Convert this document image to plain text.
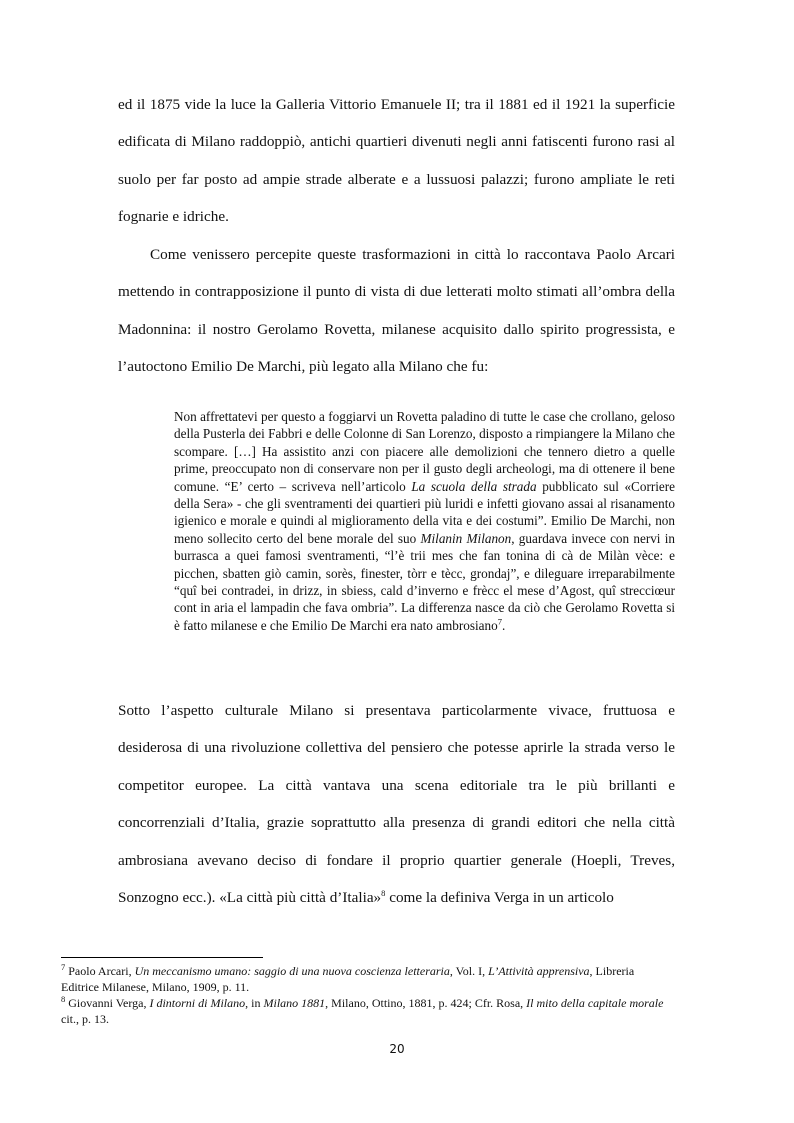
ed il 1875 vide la luce la Galleria Vittorio Emanuele II; tra il 1881 ed il 1921 la superficie edificata di Milano raddoppiò, antichi quartieri divenuti negli anni fatiscenti furono rasi al suolo per far posto ad ampie strade alberate e a lussuosi palazzi; furono ampliate le reti fognarie e idriche.

Come venissero percepite queste trasformazioni in città lo raccontava Paolo Arcari mettendo in contrapposizione il punto di vista di due letterati molto stimati all’ombra della Madonnina: il nostro Gerolamo Rovetta, milanese acquisito dallo spirito progressista, e l’autoctono Emilio De Marchi, più legato alla Milano che fu:

Non affrettatevi per questo a foggiarvi un Rovetta paladino di tutte le case che crollano, geloso della Pusterla dei Fabbri e delle Colonne di San Lorenzo, disposto a rimpiangere la Milano che scompare. […] Ha assistito anzi con piacere alle demolizioni che tennero dietro a quelle prime, preoccupato non di conservare non per il gusto degli archeologi, ma di ottenere il bene comune. “E’ certo – scriveva nell’articolo La scuola della strada pubblicato sul «Corriere della Sera» - che gli sventramenti dei quartieri più luridi e infetti giovano assai al risanamento igienico e morale e quindi al miglioramento della vita e dei costumi”. Emilio De Marchi, non meno sollecito certo del bene morale del suo Milanin Milanon, guardava invece con nervi in burrasca a quei famosi sventramenti, “l’è trii mes che fan tonina di cà de Milàn vèce: e picchen, sbatten giò camin, sorès, finester, tòrr e tècc, grondaj”, e dileguare irreparabilmente “quî bei contradei, in drizz, in sbiess, cald d’inverno e frècc el mese d’Agost, quî strecciœur cont in aria el lampadin che fava ombria”. La differenza nasce da ciò che Gerolamo Rovetta si è fatto milanese e che Emilio De Marchi era nato ambrosiano$^7$.

Sotto l’aspetto culturale Milano si presentava particolarmente vivace, fruttuosa e desiderosa di una rivoluzione collettiva del pensiero che potesse aprirle la strada verso le competitor europee. La città vantava una scena editoriale tra le più brillanti e concorrenziali d’Italia, grazie soprattutto alla presenza di grandi editori che nella città ambrosiana avevano deciso di fondare il proprio quartier generale (Hoepli, Treves, Sonzogno ecc.). «La città più città d’Italia»$^8$ come la definiva Verga in un articolo

$^7$ Paolo Arcari, Un meccanismo umano: saggio di una nuova coscienza letteraria, Vol. I, L’Attività apprensiva, Libreria Editrice Milanese, Milano, 1909, p. 11.

$^8$ Giovanni Verga, I dintorni di Milano, in Milano 1881, Milano, Ottino, 1881, p. 424; Cfr. Rosa, Il mito della capitale morale cit., p. 13.

20
